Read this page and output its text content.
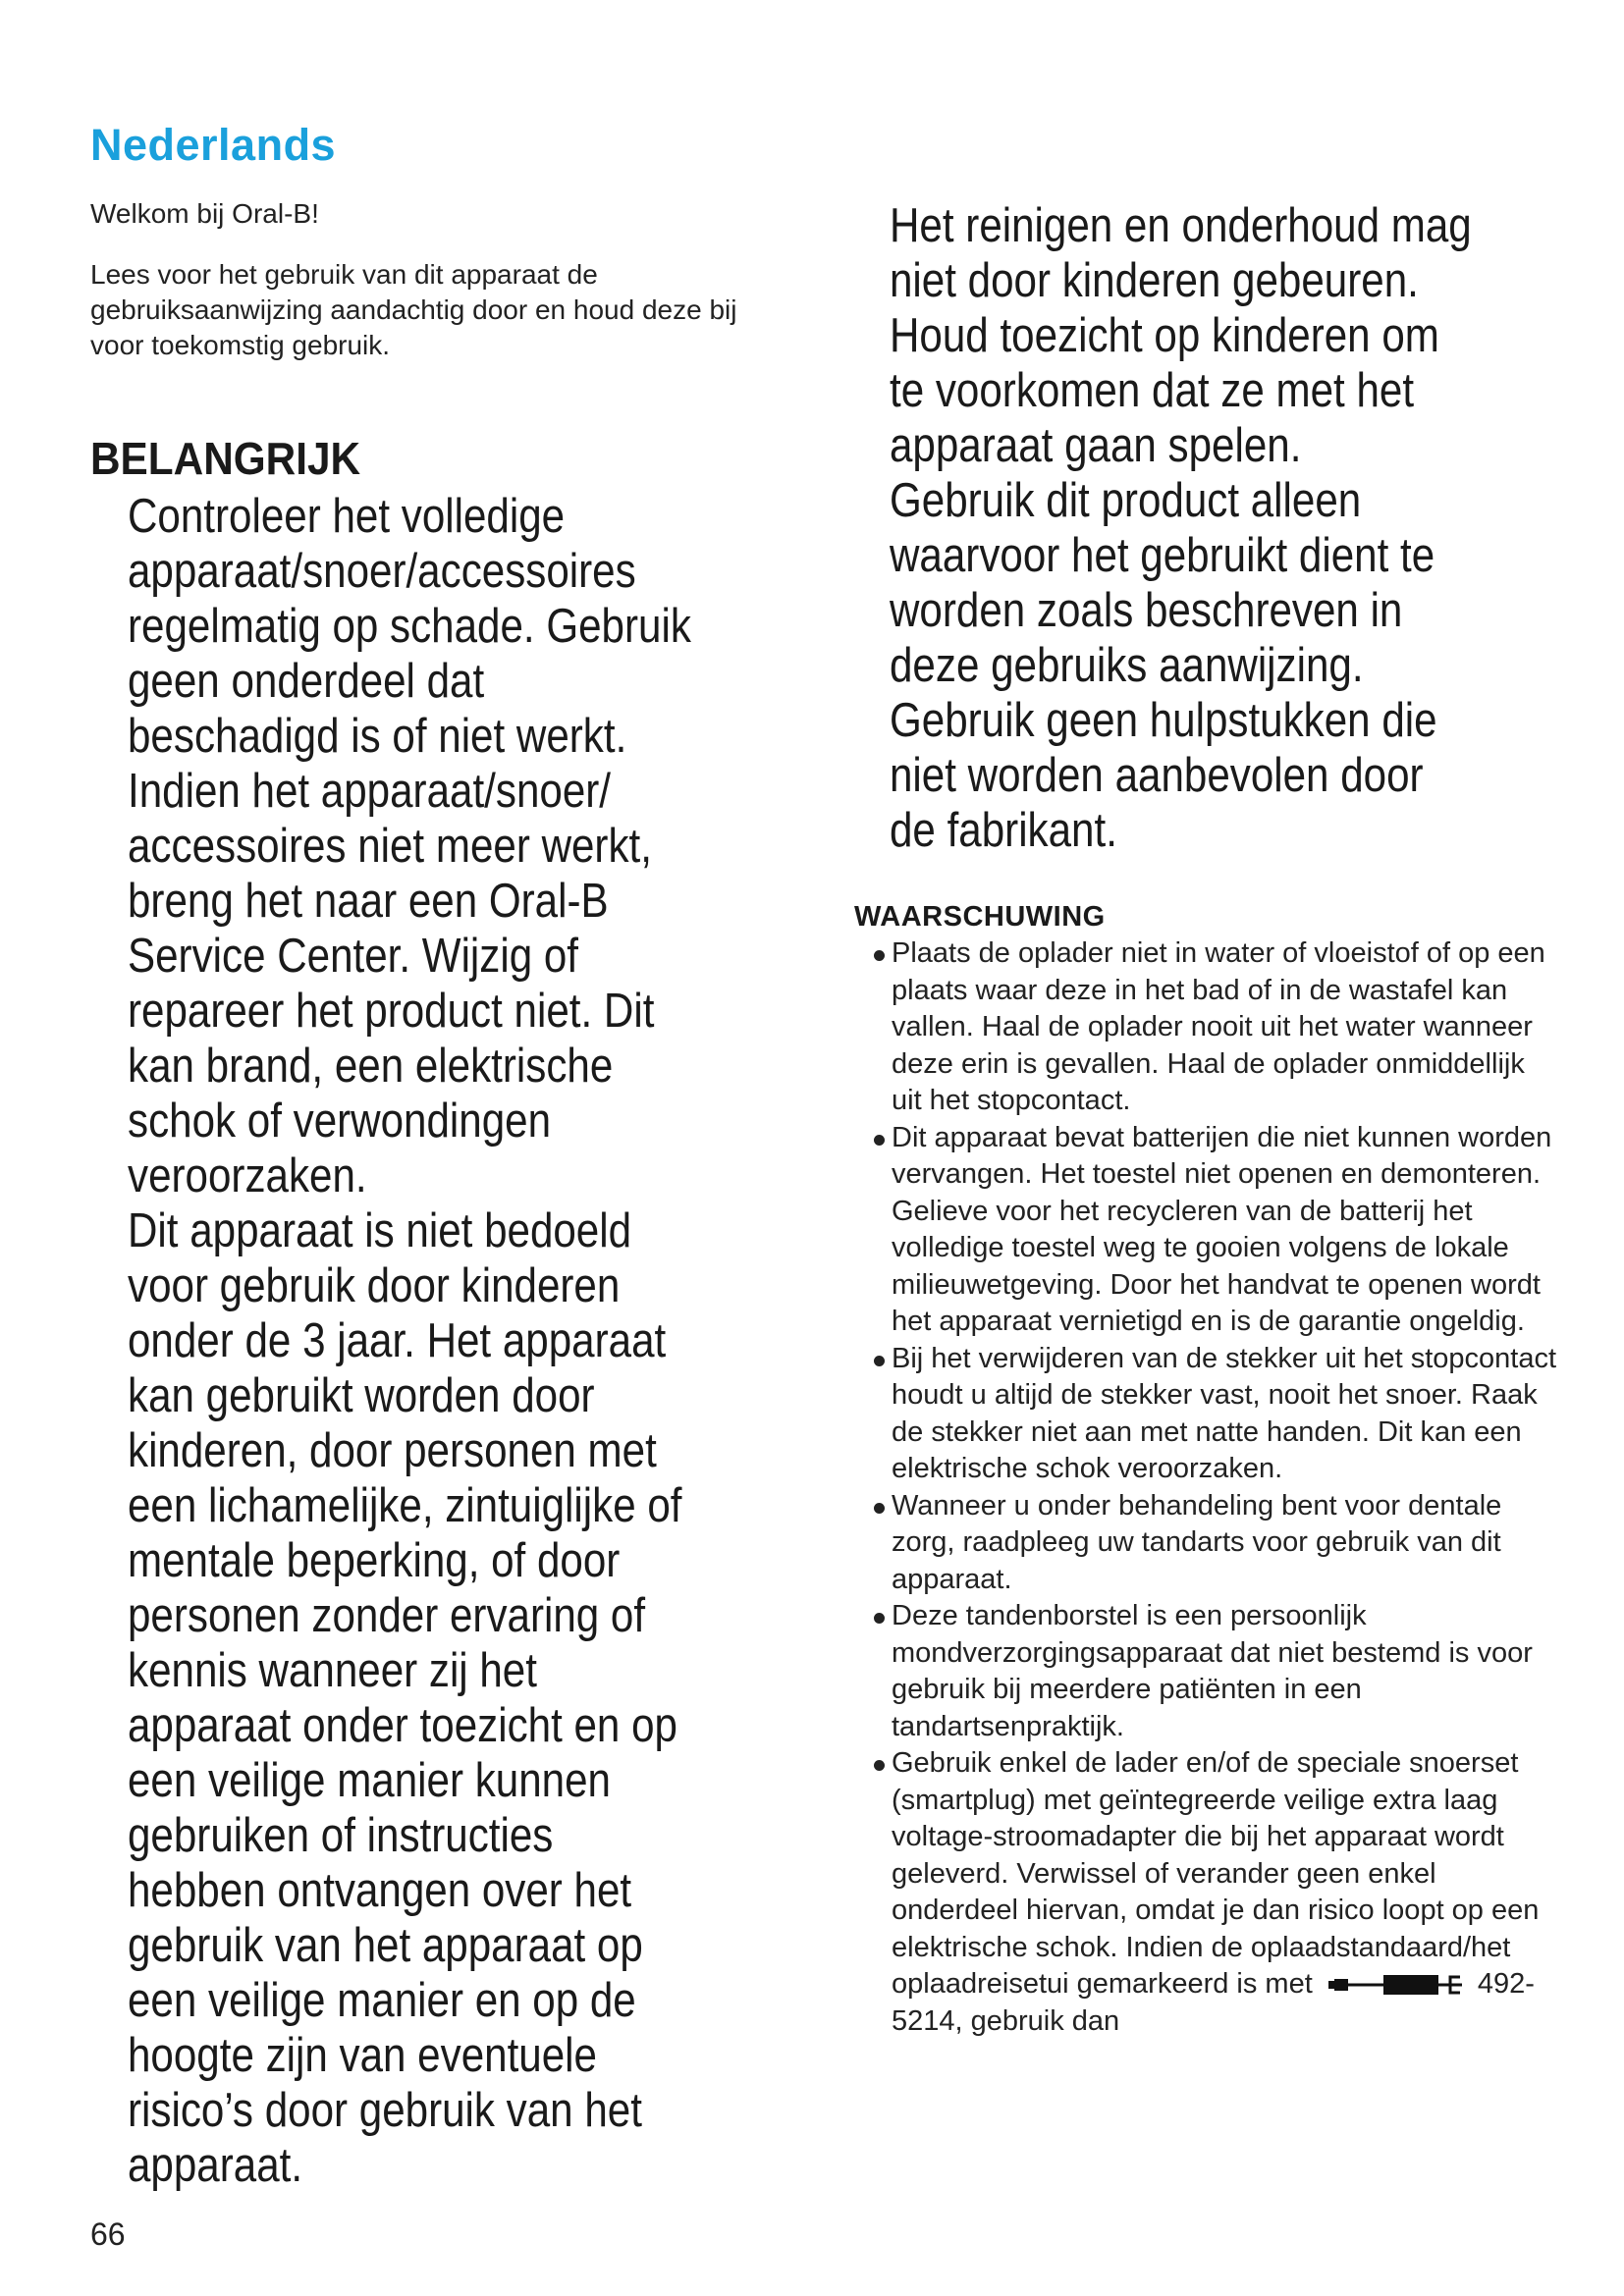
Nederlands

Welkom bij Oral-B!

Lees voor het gebruik van dit apparaat de gebruiksaanwijzing aandachtig door en houd deze bij voor toekomstig gebruik.

BELANGRIJK

Controleer het volledige

apparaat/snoer/accessoires

regelmatig op schade. Gebruik

geen onderdeel dat

beschadigd is of niet werkt.

Indien het apparaat/snoer/

accessoires niet meer werkt,

breng het naar een Oral-B

Service Center. Wijzig of

repareer het product niet. Dit

kan brand, een elektrische

schok of verwondingen

veroorzaken.

Dit apparaat is niet bedoeld

voor gebruik door kinderen

onder de 3 jaar. Het apparaat

kan gebruikt worden door

kinderen, door personen met

een lichamelijke, zintuiglijke of

mentale beperking, of door

personen zonder ervaring of

kennis wanneer zij het

apparaat onder toezicht en op

een veilige manier kunnen

gebruiken of instructies

hebben ontvangen over het

gebruik van het apparaat op

een veilige manier en op de

hoogte zijn van eventuele

risico’s door gebruik van het

apparaat.

Het reinigen en onderhoud mag

niet door kinderen gebeuren.

Houd toezicht op kinderen om

te voorkomen dat ze met het

apparaat gaan spelen.

Gebruik dit product alleen

waarvoor het gebruikt dient te

worden zoals beschreven in

deze gebruiks aanwijzing.

Gebruik geen hulpstukken die

niet worden aanbevolen door

de fabrikant.

WAARSCHUWING
Plaats de oplader niet in water of vloeistof of op een plaats waar deze in het bad of in de wastafel kan vallen. Haal de oplader nooit uit het water wanneer deze erin is gevallen. Haal de oplader onmiddellijk uit het stopcontact.
Dit apparaat bevat batterijen die niet kunnen worden vervangen. Het toestel niet openen en demonteren. Gelieve voor het recycleren van de batterij het volledige toestel weg te gooien volgens de lokale milieuwetgeving. Door het handvat te openen wordt het apparaat vernietigd en is de garantie ongeldig.
Bij het verwijderen van de stekker uit het stopcontact houdt u altijd de stekker vast, nooit het snoer. Raak de stekker niet aan met natte handen. Dit kan een elektrische schok veroorzaken.
Wanneer u onder behandeling bent voor dentale zorg, raadpleeg uw tandarts voor gebruik van dit apparaat.
Deze tandenborstel is een persoonlijk mondverzorgingsapparaat dat niet bestemd is voor gebruik bij meerdere patiënten in een tandartsenpraktijk.
Gebruik enkel de lader en/of de speciale snoerset (smartplug) met geïntegreerde veilige extra laag voltage-stroomadapter die bij het apparaat wordt geleverd. Verwissel of verander geen enkel onderdeel hiervan, omdat je dan risico loopt op een elektrische schok. Indien de oplaadstandaard/het oplaadreisetui gemarkeerd is met	492-5214, gebruik dan

66
